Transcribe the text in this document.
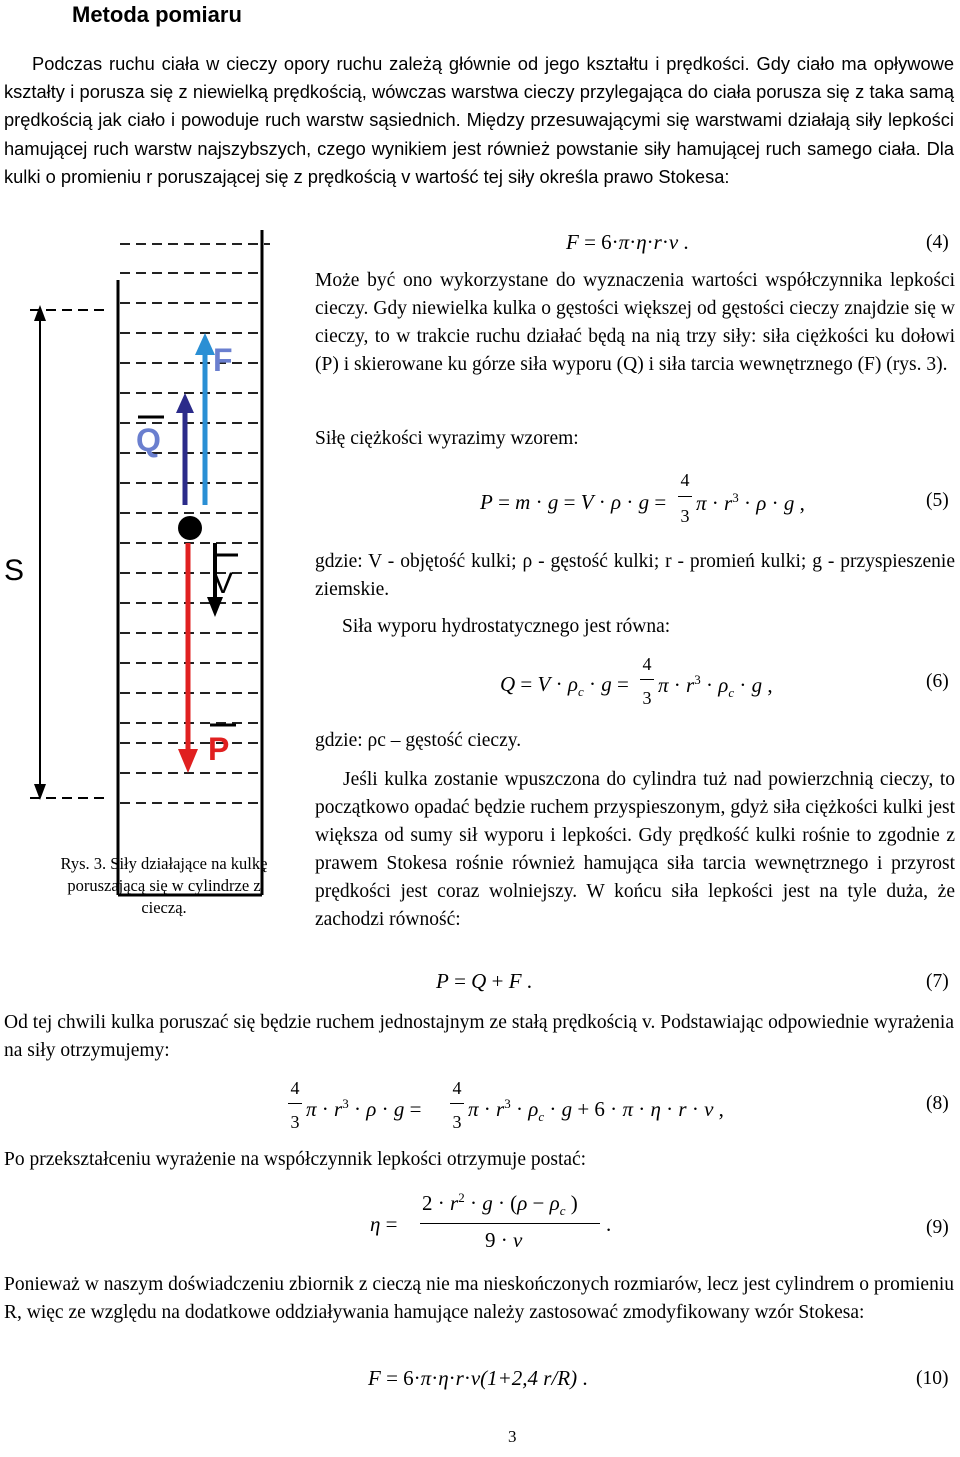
Metoda pomiaru
Podczas ruchu ciała w cieczy opory ruchu zależą głównie od jego kształtu i prędkości. Gdy ciało ma opływowe kształty i porusza się z niewielką prędkością, wówczas warstwa cieczy przylegająca do ciała porusza się z taka samą prędkością jak ciało i powoduje ruch warstw sąsiednich. Między przesuwającymi się warstwami działają siły lepkości hamującej ruch warstw najszybszych, czego wynikiem jest również powstanie siły hamującej ruch samego ciała. Dla kulki o promieniu r poruszającej się z prędkością v wartość tej siły określa prawo Stokesa:
S
F
Q
V
P
Rys. 3. Siły działające na kulkę poruszającą się w cylindrze z cieczą.
F = 6·π·η·r·v .	(4)
Może być ono wykorzystane do wyznaczenia wartości współczynnika lepkości cieczy. Gdy niewielka kulka o gęstości większej od gęstości cieczy znajdzie się w cieczy, to w trakcie ruchu działać będą na nią trzy siły: siła ciężkości ku dołowi (P) i skierowane ku górze siła wyporu (Q) i siła tarcia wewnętrznego (F) (rys. 3).
Siłę ciężkości wyrazimy wzorem:
P = m · g = V · ρ · g =
4
3
$\pi \cdot r^3 \cdot \rho \cdot g$ ,	(5)
gdzie: V - objętość kulki; ρ - gęstość kulki; r - promień kulki; g - przyspieszenie ziemskie.
Siła wyporu hydrostatycznego jest równa:
$Q = V \cdot \rho_c \cdot g$ =
4
3
$\pi \cdot r^3 \cdot \rho_c \cdot g$ ,	(6)
gdzie: ρc – gęstość cieczy.
Jeśli kulka zostanie wpuszczona do cylindra tuż nad powierzchnią cieczy, to początkowo opadać będzie ruchem przyspieszonym, gdyż siła ciężkości kulki jest większa od sumy sił wyporu i lepkości. Gdy prędkość kulki rośnie to zgodnie z prawem Stokesa rośnie również hamująca siła tarcia wewnętrznego i przyrost prędkości jest coraz wolniejszy. W końcu siła lepkości jest na tyle duża, że zachodzi równość:
P = Q + F .	(7)
Od tej chwili kulka poruszać się będzie ruchem jednostajnym ze stałą prędkością v. Podstawiając odpowiednie wyrażenia na siły otrzymujemy:
4
3
$\pi \cdot r^3 \cdot \rho \cdot g$ =
4
3
$\pi \cdot r^3 \cdot \rho_c \cdot g + 6 \cdot \pi \cdot \eta \cdot r \cdot v$ ,	(8)
Po przekształceniu wyrażenie na współczynnik lepkości otrzymuje postać:
η =
$2 \cdot r^2 \cdot g \cdot (\rho - \rho_c$ )
9 · v
.	(9)
Ponieważ w naszym doświadczeniu zbiornik z cieczą nie ma nieskończonych rozmiarów, lecz jest cylindrem o promieniu R, więc ze względu na dodatkowe oddziaływania hamujące należy zastosować zmodyfikowany wzór Stokesa:
F = 6·π·η·r·v(1+2,4 r/R) .	(10)
3
